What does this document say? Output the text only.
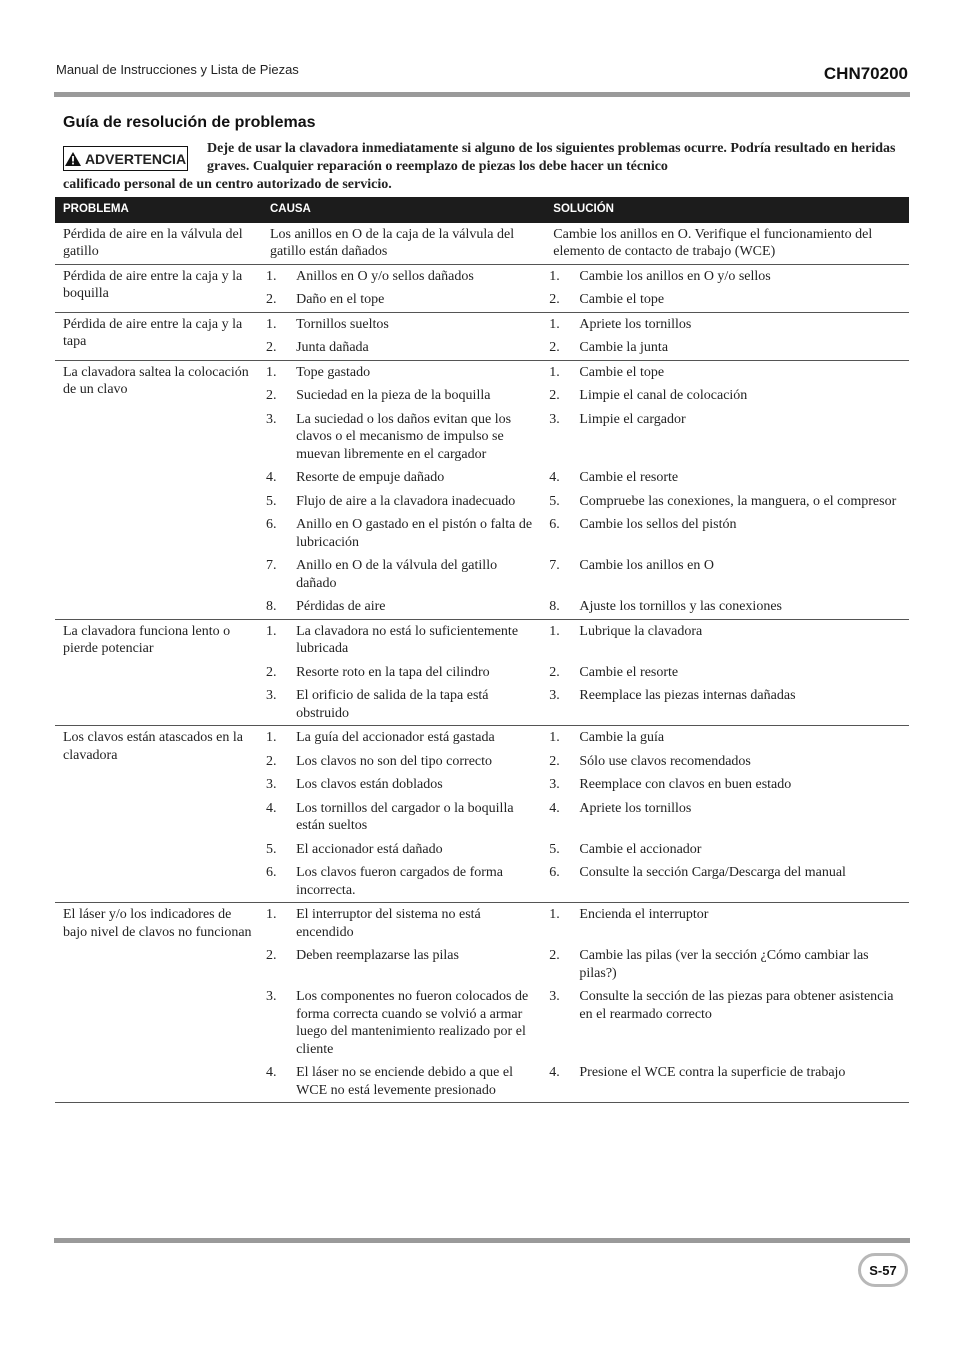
Manual de Instrucciones y Lista de Piezas	CHN70200
Guía de resolución de problemas
ADVERTENCIA
Deje de usar la clavadora inmediatamente si alguno de los siguientes problemas ocurre. Podría resultado en heridas graves. Cualquier reparación o reemplazo de piezas los debe hacer un técnico
calificado personal de un centro autorizado de servicio.
PROBLEMA	CAUSA		SOLUCIÓN	
Pérdida de aire en la válvula del gatillo	Los anillos en O de la caja de la válvula del gatillo están dañados		Cambie los anillos en O. Verifique el funcionamiento del elemento de contacto de trabajo (WCE)	
Pérdida de aire entre la caja y la boquilla	1.	Anillos en O y/o sellos dañados	1.	Cambie los anillos en O y/o sellos
	2.	Daño en el tope	2.	Cambie el tope
Pérdida de aire entre la caja y la tapa	1.	Tornillos sueltos	1.	Apriete los tornillos
	2.	Junta dañada	2.	Cambie la junta
La clavadora saltea la colocación de un clavo	1.	Tope gastado	1.	Cambie el tope
	2.	Suciedad en la pieza de la boquilla	2.	Limpie el canal de colocación
	3.	La suciedad o los daños evitan que los clavos o el mecanismo de impulso se muevan libremente en el cargador	3.	Limpie el cargador
	4.	Resorte de empuje dañado	4.	Cambie el resorte
	5.	Flujo de aire a la clavadora inadecuado	5.	Compruebe las conexiones, la manguera, o el compresor
	6.	Anillo en O gastado en el pistón o falta de lubricación	6.	Cambie los sellos del pistón
	7.	Anillo en O de la válvula del gatillo dañado	7.	Cambie los anillos en O
	8.	Pérdidas de aire	8.	Ajuste los tornillos y las conexiones
La clavadora funciona lento o pierde potenciar	1.	La clavadora no está lo suficientemente lubricada	1.	Lubrique la clavadora
	2.	Resorte roto en la tapa del cilindro	2.	Cambie el resorte
	3.	El orificio de salida de la tapa está obstruido	3.	Reemplace las piezas internas dañadas
Los clavos están atascados en la clavadora	1.	La guía del accionador está gastada	1.	Cambie la guía
	2.	Los clavos no son del tipo correcto	2.	Sólo use clavos recomendados
	3.	Los clavos están doblados	3.	Reemplace con clavos en buen estado
	4.	Los tornillos del cargador o la boquilla están sueltos	4.	Apriete los tornillos
	5.	El accionador está dañado	5.	Cambie el accionador
	6.	Los clavos fueron cargados de forma incorrecta.	6.	Consulte la sección Carga/Descarga del manual
El láser y/o los indicadores de bajo nivel de clavos no funcionan	1.	El interruptor del sistema no está encendido	1.	Encienda el interruptor
	2.	Deben reemplazarse las pilas	2.	Cambie las pilas (ver la sección ¿Cómo cambiar las pilas?)
	3.	Los componentes no fueron colocados de forma correcta cuando se volvió a armar luego del mantenimiento realizado por el cliente	3.	Consulte la sección de las piezas para obtener asistencia en el rearmado correcto
	4.	El láser no se enciende debido a que el WCE no está levemente presionado	4.	Presione el WCE contra la superficie de trabajo
S-57
